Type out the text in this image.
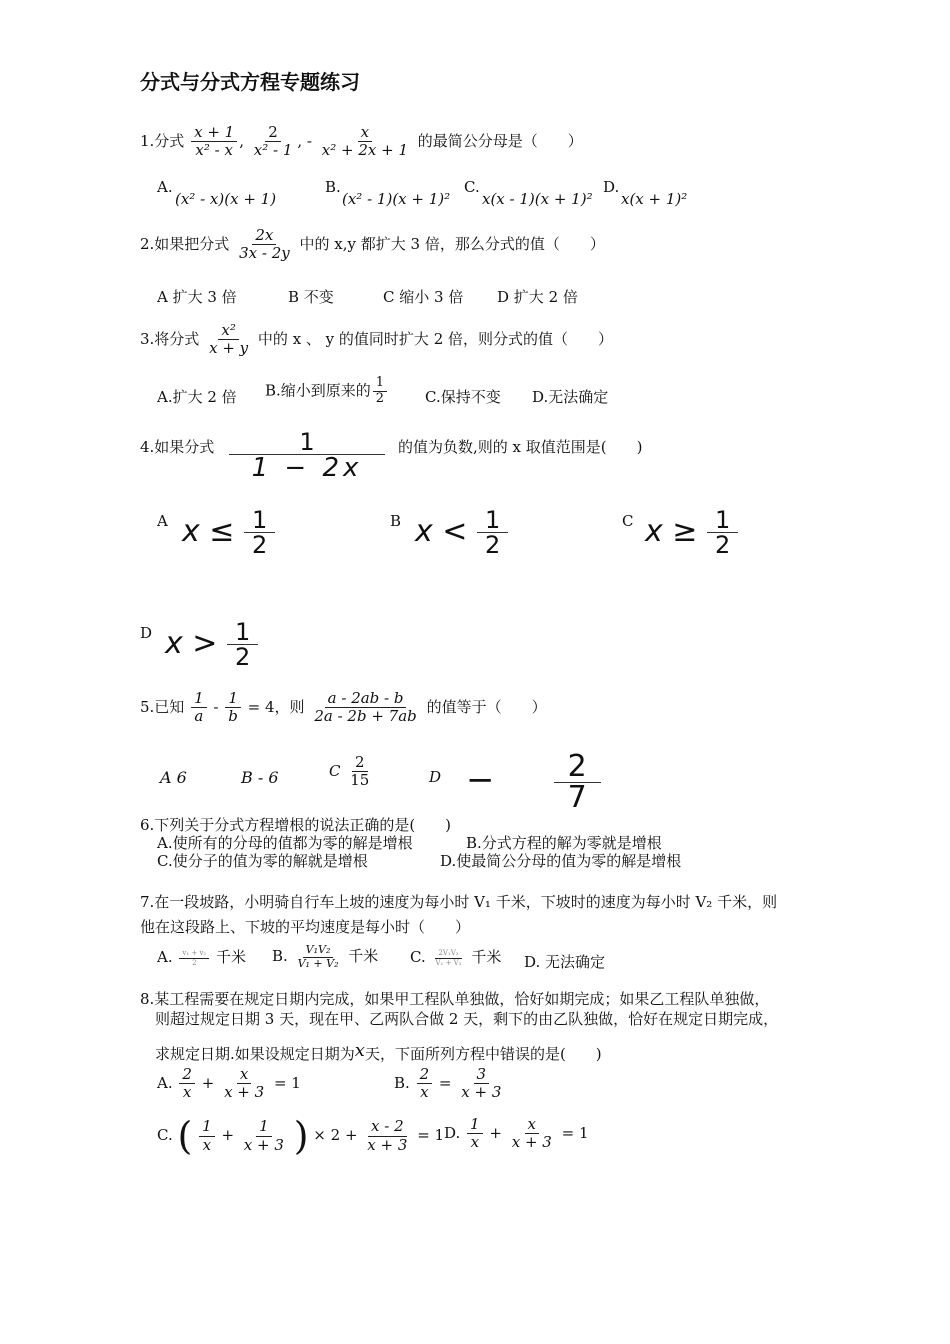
分式与分式方程专题练习
1.分式 $\frac{x + 1}{\text{x² - x}}$ , $\frac{2}{\text{x² - 1}}$ , - $\frac{x}{\text{x² + 2x + 1}}$ 的最简公分母是（　　）
A.
(x² - x)(x + 1)
B.
(x² - 1)(x + 1)²
C.
x(x - 1)(x + 1)²
D.
x(x + 1)²
2.如果把分式 $\frac{2x}{3x - 2y}$ 中的 x,y 都扩大 3 倍，那么分式的值（　　）
A 扩大 3 倍	B 不变	C 缩小 3 倍 D 扩大 2 倍
3.将分式 $\frac{\text{x²}}{x + y}$ 中的 x 、 y 的值同时扩大 2 倍，则分式的值（　　）
A.扩大 2 倍 B.缩小到原来的 $\frac{1}{2}$	C.保持不变 D.无法确定
4.如果分式 $\frac{1}{1 - 2x}$ 的值为负数,则的 x 取值范围是(　　)
A $x \le \frac{1}{2}$	B $x < \frac{1}{2}$	C $x \ge \frac{1}{2}$
D $x > \frac{1}{2}$
5.已知 $\frac{1}{a} - \frac{1}{b} = 4$，则 $\frac{a - 2ab - b}{2a - 2b + 7ab}$ 的值等于（　　）
A 6	B - 6	C $\frac{2}{15}$	$D - \frac{2}{7}$
6.下列关于分式方程增根的说法正确的是(　　)
A.使所有的分母的值都为零的解是增根	B.分式方程的解为零就是增根
C.使分子的值为零的解就是增根	D.使最简公分母的值为零的解是增根
7.在一段坡路，小明骑自行车上坡的速度为每小时 V₁ 千米，下坡时的速度为每小时 V₂ 千米，则
他在这段路上、下坡的平均速度是每小时（　　）
A. $\frac{\text{v₁ + v₂}}{2}$ 千米 B. $\frac{\text{V₁V₂}}{\text{V₁ + V₂}}$ 千米 C. $\frac{\text{2V₁V₂}}{\text{V₁ + V₂}}$ 千米 D. 无法确定
8.某工程需要在规定日期内完成，如果甲工程队单独做，恰好如期完成；如果乙工程队单独做，
则超过规定日期 3 天，现在甲、乙两队合做 2 天，剩下的由乙队独做，恰好在规定日期完成，
求规定日期.如果设规定日期为x天，下面所列方程中错误的是(　　)
A. $\frac{2}{x} + \frac{x}{x + 3} = 1$	B. $\frac{2}{x} = \frac{3}{x + 3}$
C. ( $\frac{1}{x} + \frac{1}{x + 3}$ ) × $2 + \frac{x - 2}{x + 3} = 1$ D. $\frac{1}{x} + \frac{x}{x + 3} = 1$
